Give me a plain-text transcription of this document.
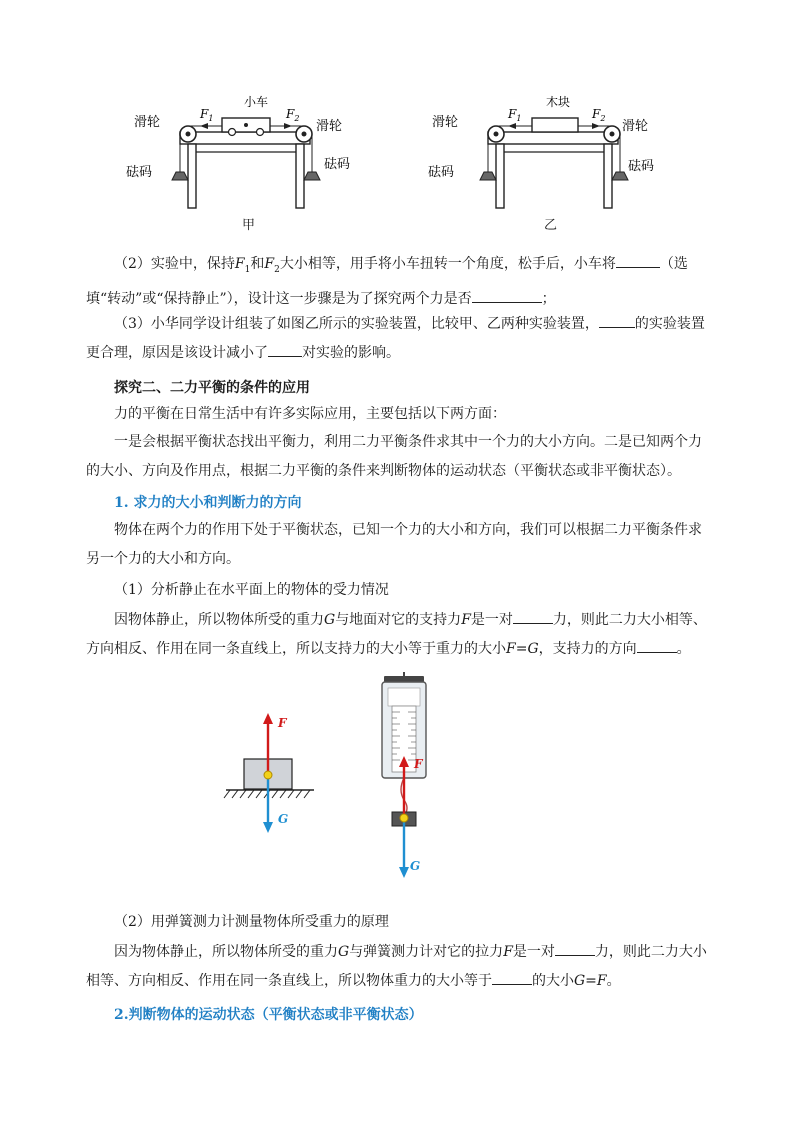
小车
$F_1$	$F_2$
滑轮	滑轮
砝码
砝码
甲
木块
$F_1$	$F_2$
滑轮	滑轮
砝码	砝码
乙

（2）实验中，保持$F_1$和$F_2$大小相等，用手将小车扭转一个角度，松手后，小车将	（选填“转动”或“保持静止”），设计这一步骤是为了探究两个力是否	；

（3）小华同学设计组装了如图乙所示的实验装置，比较甲、乙两种实验装置，	的实验装置更合理，原因是该设计减小了 对实验的影响。

探究二、二力平衡的条件的应用

力的平衡在日常生活中有许多实际应用，主要包括以下两方面：

一是会根据平衡状态找出平衡力，利用二力平衡条件求其中一个力的大小方向。二是已知两个力的大小、方向及作用点，根据二力平衡的条件来判断物体的运动状态（平衡状态或非平衡状态）。

1. 求力的大小和判断力的方向

物体在两个力的作用下处于平衡状态，已知一个力的大小和方向，我们可以根据二力平衡条件求另一个力的大小和方向。

（1）分析静止在水平面上的物体的受力情况

因物体静止，所以物体所受的重力G与地面对它的支持力F是一对	力，则此二力大小相等、方向相反、作用在同一条直线上，所以支持力的大小等于重力的大小F=G，支持力的方向	。

F
G
F
G

（2）用弹簧测力计测量物体所受重力的原理

因为物体静止，所以物体所受的重力G与弹簧测力计对它的拉力F是一对	力，则此二力大小相等、方向相反、作用在同一条直线上，所以物体重力的大小等于	的大小G=F。

2.判断物体的运动状态（平衡状态或非平衡状态）
